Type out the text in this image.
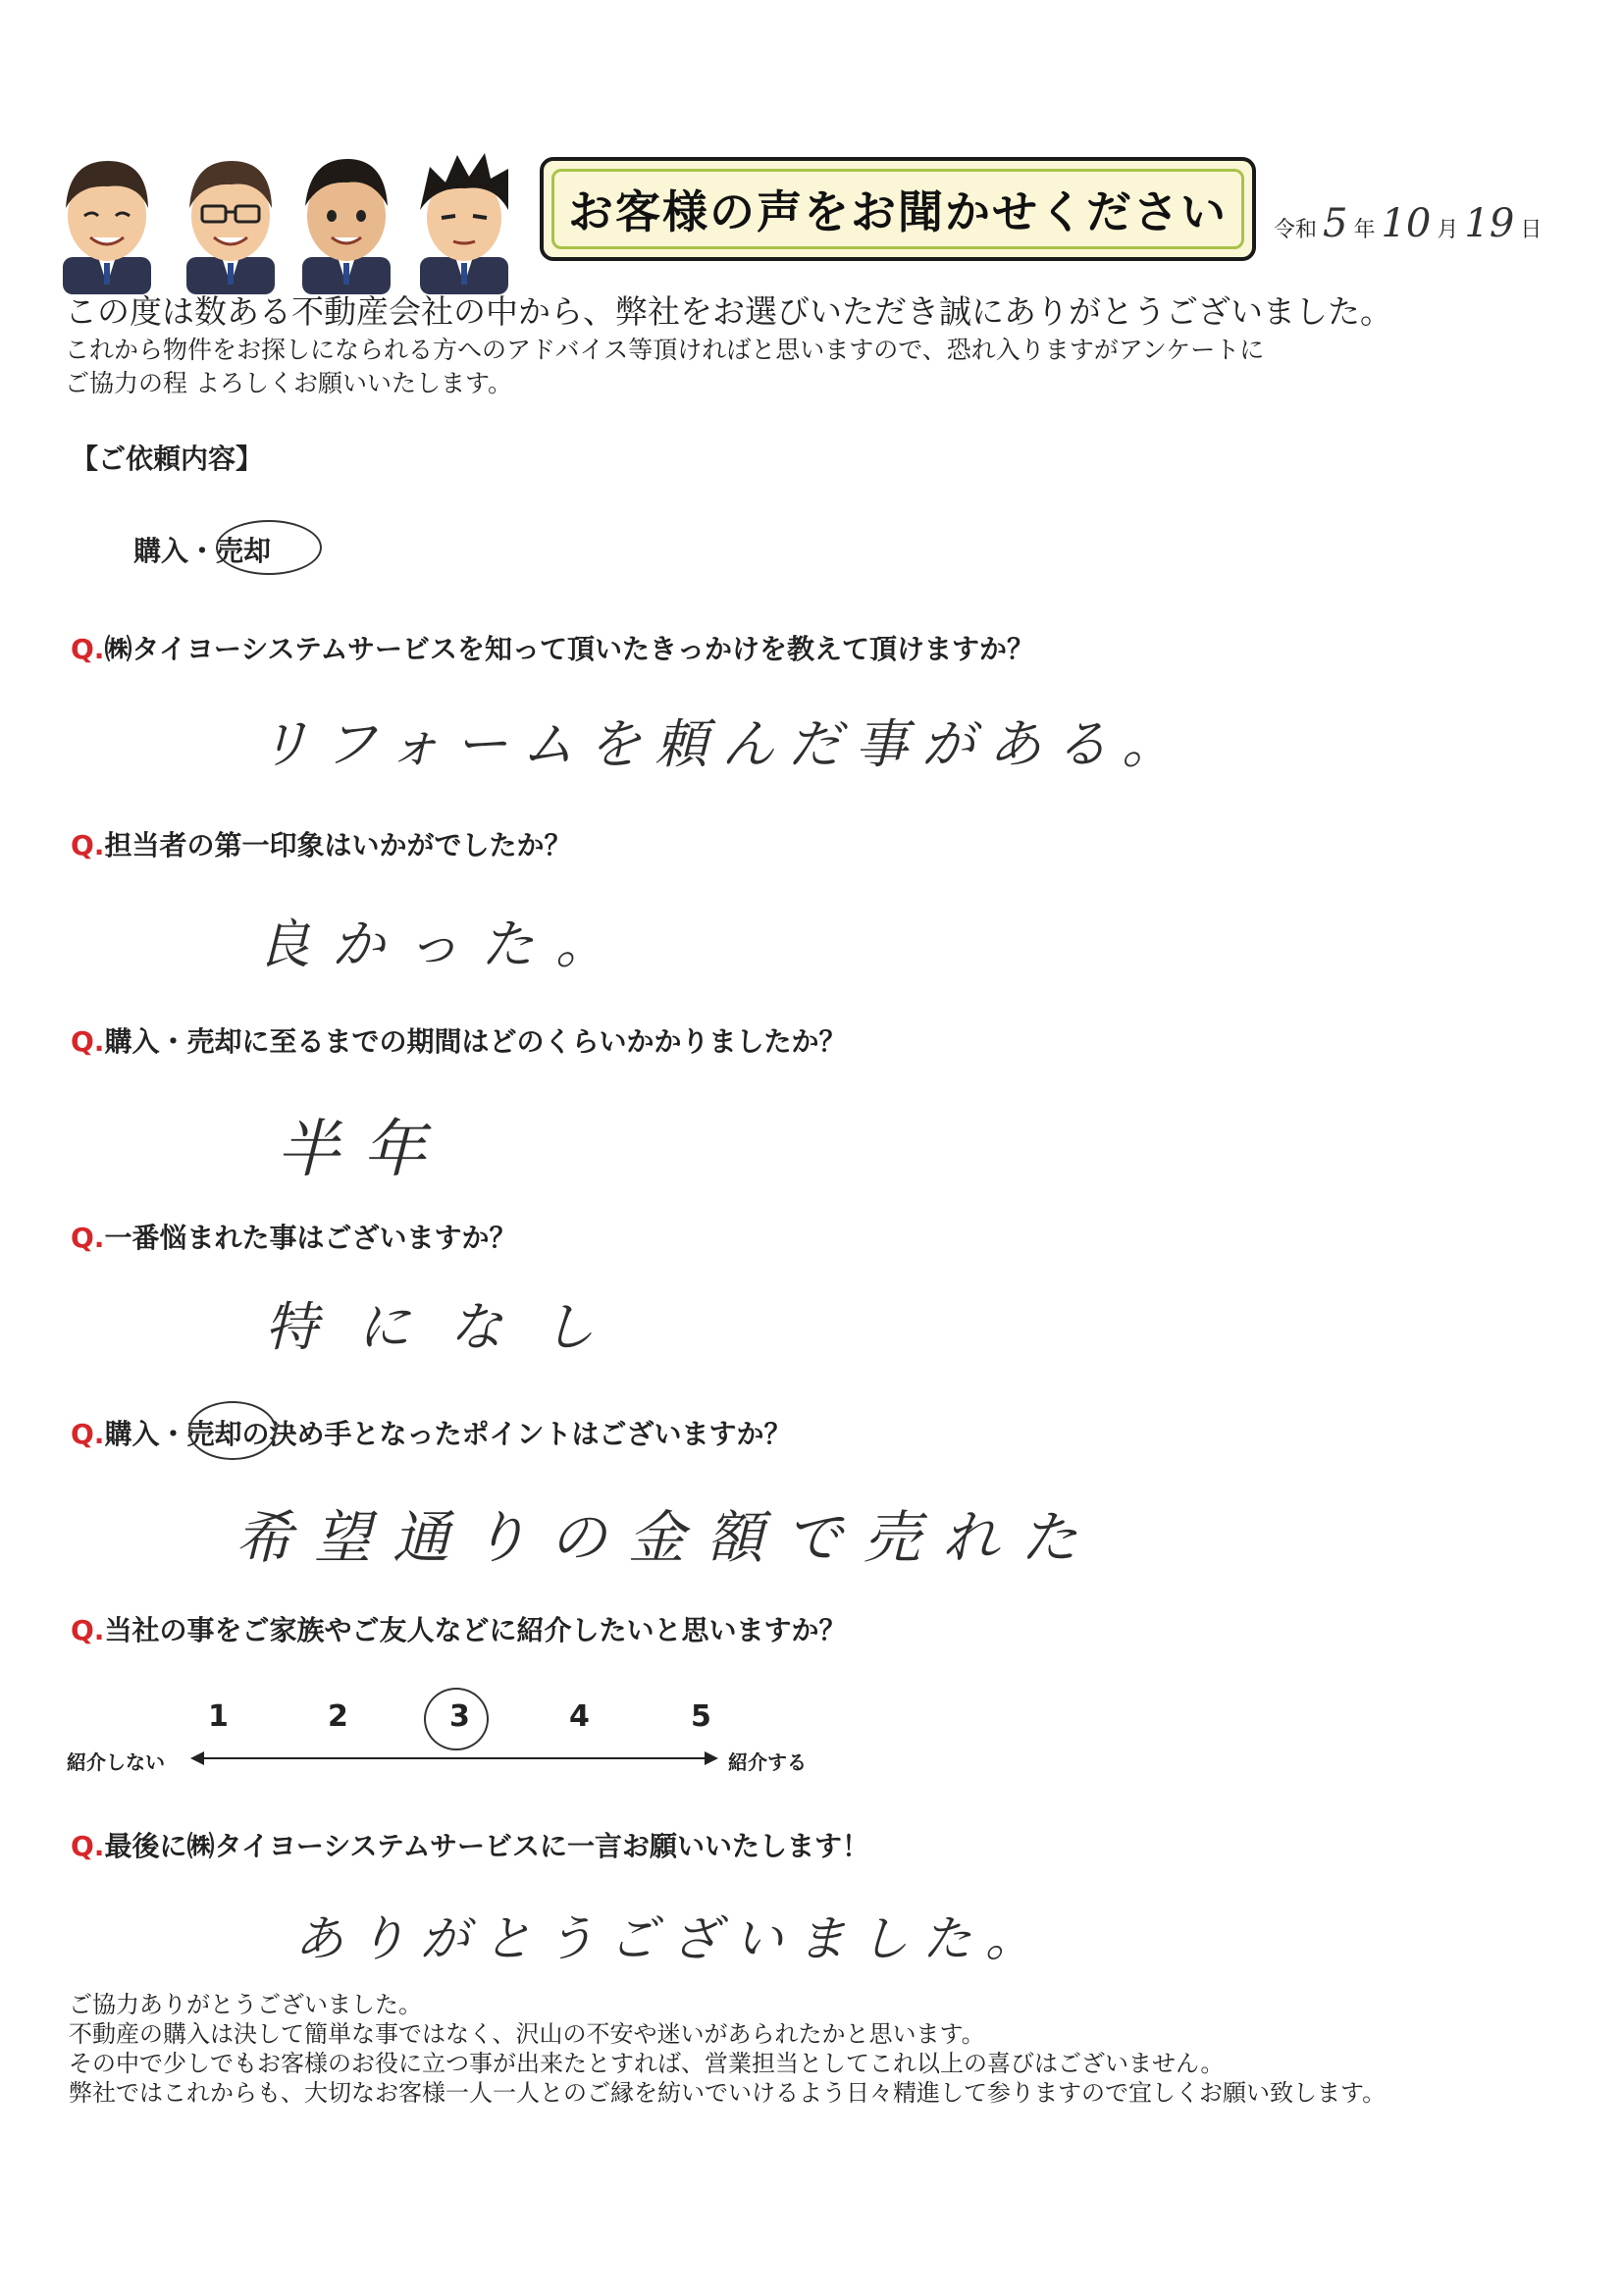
お客様の声をお聞かせください 令和 5 年 10 月 19 日
この度は数ある不動産会社の中から、弊社をお選びいただき誠にありがとうございました。
これから物件をお探しになられる方へのアドバイス等頂ければと思いますので、恐れ入りますがアンケートに
ご協力の程 よろしくお願いいたします。
【ご依頼内容】
購入・売却
Q.㈱タイヨーシステムサービスを知って頂いたきっかけを教えて頂けますか？
リフォームを頼んだ事がある。
Q.担当者の第一印象はいかがでしたか？
良かった。
Q.購入・売却に至るまでの期間はどのくらいかかりましたか？
半年
Q.一番悩まれた事はございますか？
特になし
Q.購入・売却の決め手となったポイントはございますか？
希望通りの金額で売れた
Q.当社の事をご家族やご友人などに紹介したいと思いますか？
1	2	3	4	5
紹介しない	紹介する
Q.最後に㈱タイヨーシステムサービスに一言お願いいたします！
ありがとうございました。
ご協力ありがとうございました。
不動産の購入は決して簡単な事ではなく、沢山の不安や迷いがあられたかと思います。
その中で少しでもお客様のお役に立つ事が出来たとすれば、営業担当としてこれ以上の喜びはございません。
弊社ではこれからも、大切なお客様一人一人とのご縁を紡いでいけるよう日々精進して参りますので宜しくお願い致します。
